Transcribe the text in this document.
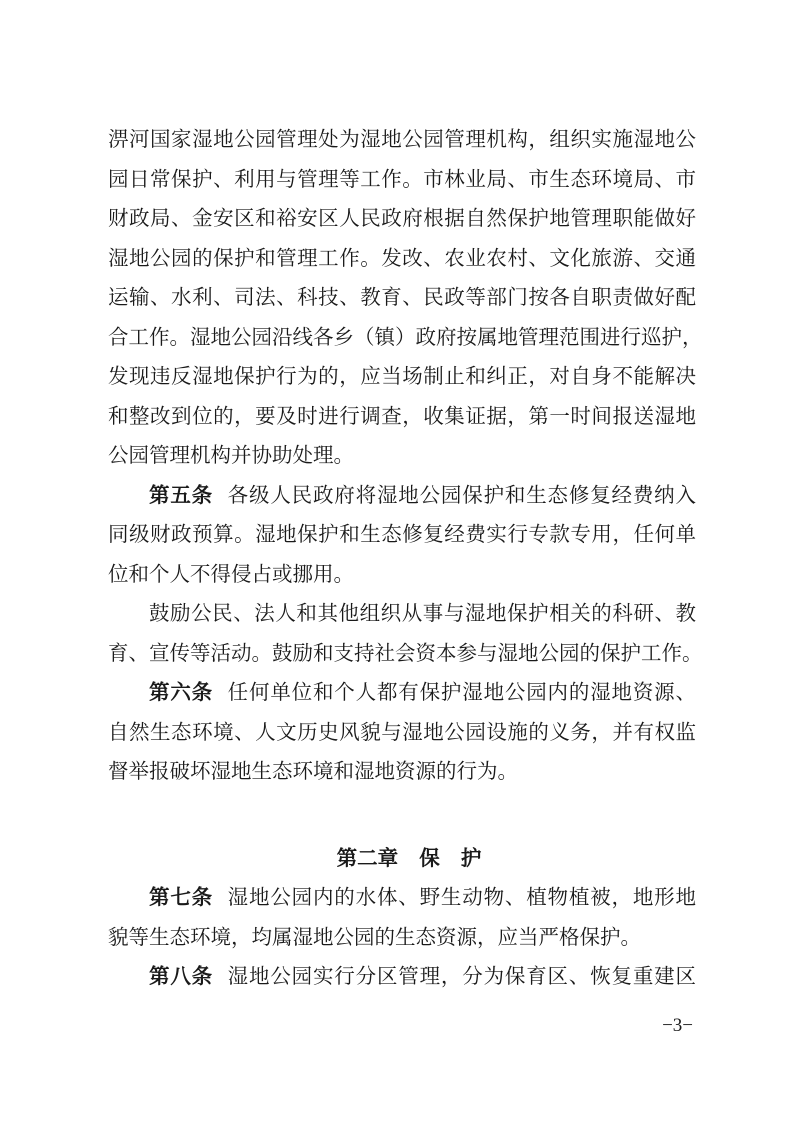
淠河国家湿地公园管理处为湿地公园管理机构，组织实施湿地公
园日常保护、利用与管理等工作。市林业局、市生态环境局、市
财政局、金安区和裕安区人民政府根据自然保护地管理职能做好
湿地公园的保护和管理工作。发改、农业农村、文化旅游、交通
运输、水利、司法、科技、教育、民政等部门按各自职责做好配
合工作。湿地公园沿线各乡（镇）政府按属地管理范围进行巡护，
发现违反湿地保护行为的，应当场制止和纠正，对自身不能解决
和整改到位的，要及时进行调查，收集证据，第一时间报送湿地
公园管理机构并协助处理。
第五条 各级人民政府将湿地公园保护和生态修复经费纳入
同级财政预算。湿地保护和生态修复经费实行专款专用，任何单
位和个人不得侵占或挪用。
鼓励公民、法人和其他组织从事与湿地保护相关的科研、教
育、宣传等活动。鼓励和支持社会资本参与湿地公园的保护工作。
第六条 任何单位和个人都有保护湿地公园内的湿地资源、
自然生态环境、人文历史风貌与湿地公园设施的义务，并有权监
督举报破坏湿地生态环境和湿地资源的行为。
第二章 保 护
第七条 湿地公园内的水体、野生动物、植物植被，地形地
貌等生态环境，均属湿地公园的生态资源，应当严格保护。
第八条 湿地公园实行分区管理，分为保育区、恢复重建区
−3−
